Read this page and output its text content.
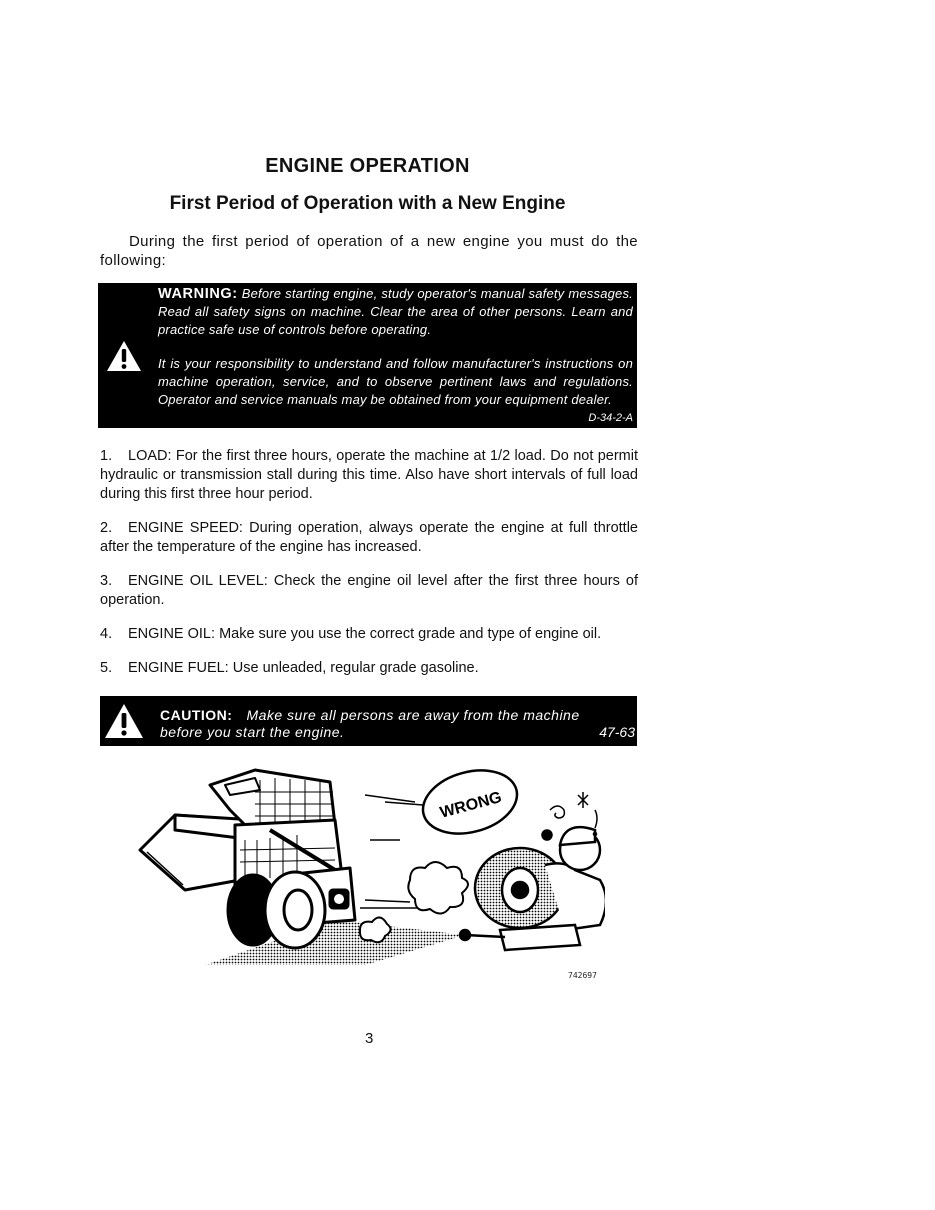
ENGINE OPERATION
First Period of Operation with a New Engine

During the first period of operation of a new engine you must do the following:

WARNING: Before starting engine, study operator's manual safety messages. Read all safety signs on machine. Clear the area of other persons. Learn and practice safe use of controls before operating.

It is your responsibility to understand and follow manufacturer's instructions on machine operation, service, and to observe pertinent laws and regulations. Operator and service manuals may be obtained from your equipment dealer.
D-34-2-A

1. LOAD: For the first three hours, operate the machine at 1/2 load. Do not permit hydraulic or transmission stall during this time. Also have short intervals of full load during this first three hour period.
2. ENGINE SPEED: During operation, always operate the engine at full throttle after the temperature of the engine has increased.
3. ENGINE OIL LEVEL: Check the engine oil level after the first three hours of operation.
4. ENGINE OIL: Make sure you use the correct grade and type of engine oil.
5. ENGINE FUEL: Use unleaded, regular grade gasoline.

CAUTION: Make sure all persons are away from the machine

before you start the engine.	47-63

WRONG
742697
3
